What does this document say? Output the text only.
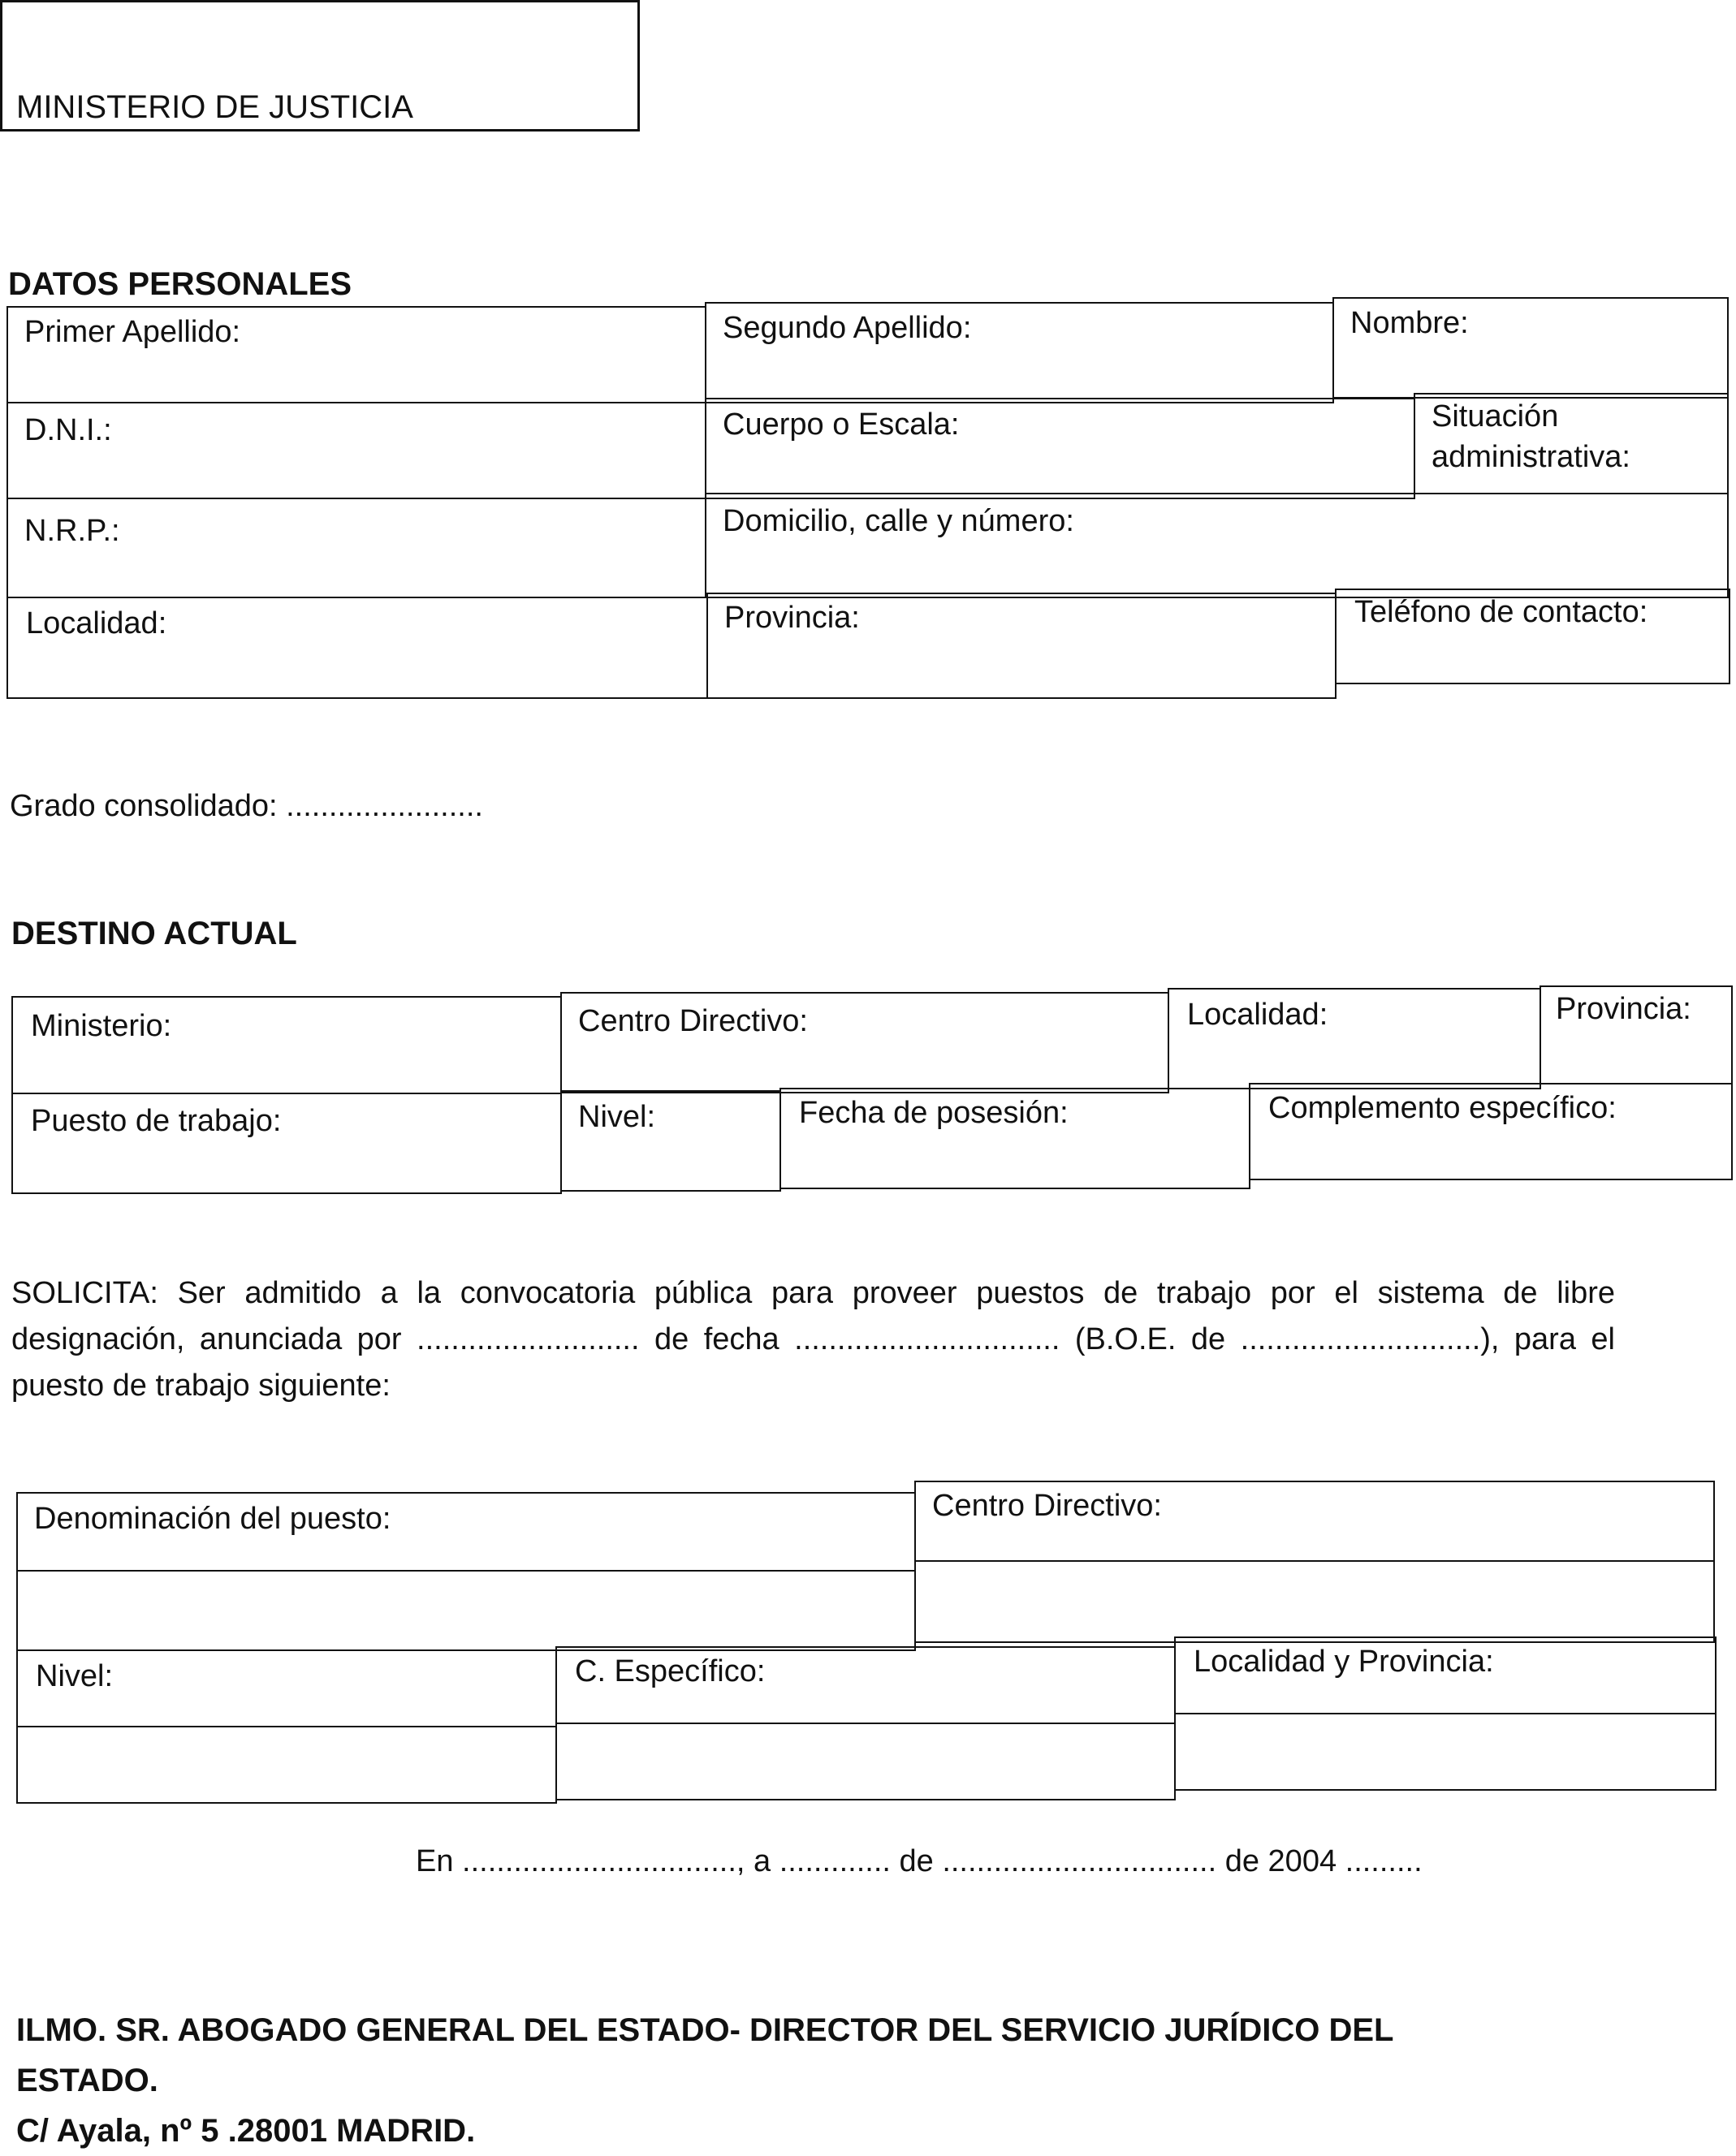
MINISTERIO DE JUSTICIA
DATOS PERSONALES
Primer Apellido:	Segundo Apellido:	Nombre:
D.N.I.:	Cuerpo o Escala:	Situación
administrativa:
N.R.P.:	Domicilio, calle y número:
Localidad:	Provincia:	Teléfono de contacto:
Grado consolidado: .......................
DESTINO ACTUAL
Ministerio:	Centro Directivo:	Localidad:	Provincia:
Puesto de trabajo:	Nivel:	Fecha de posesión:	Complemento específico:
SOLICITA: Ser admitido a la convocatoria pública para proveer puestos de trabajo por el sistema de libre designación, anunciada por .......................... de fecha ............................... (B.O.E. de ............................), para el puesto de trabajo siguiente:
Denominación del puesto:	Centro Directivo:
Nivel:	C. Específico:	Localidad y Provincia:
En ................................, a ............. de ................................ de 2004 .........
ILMO. SR. ABOGADO GENERAL DEL ESTADO- DIRECTOR DEL SERVICIO JURÍDICO DEL
ESTADO.
C/ Ayala, nº 5 .28001 MADRID.
